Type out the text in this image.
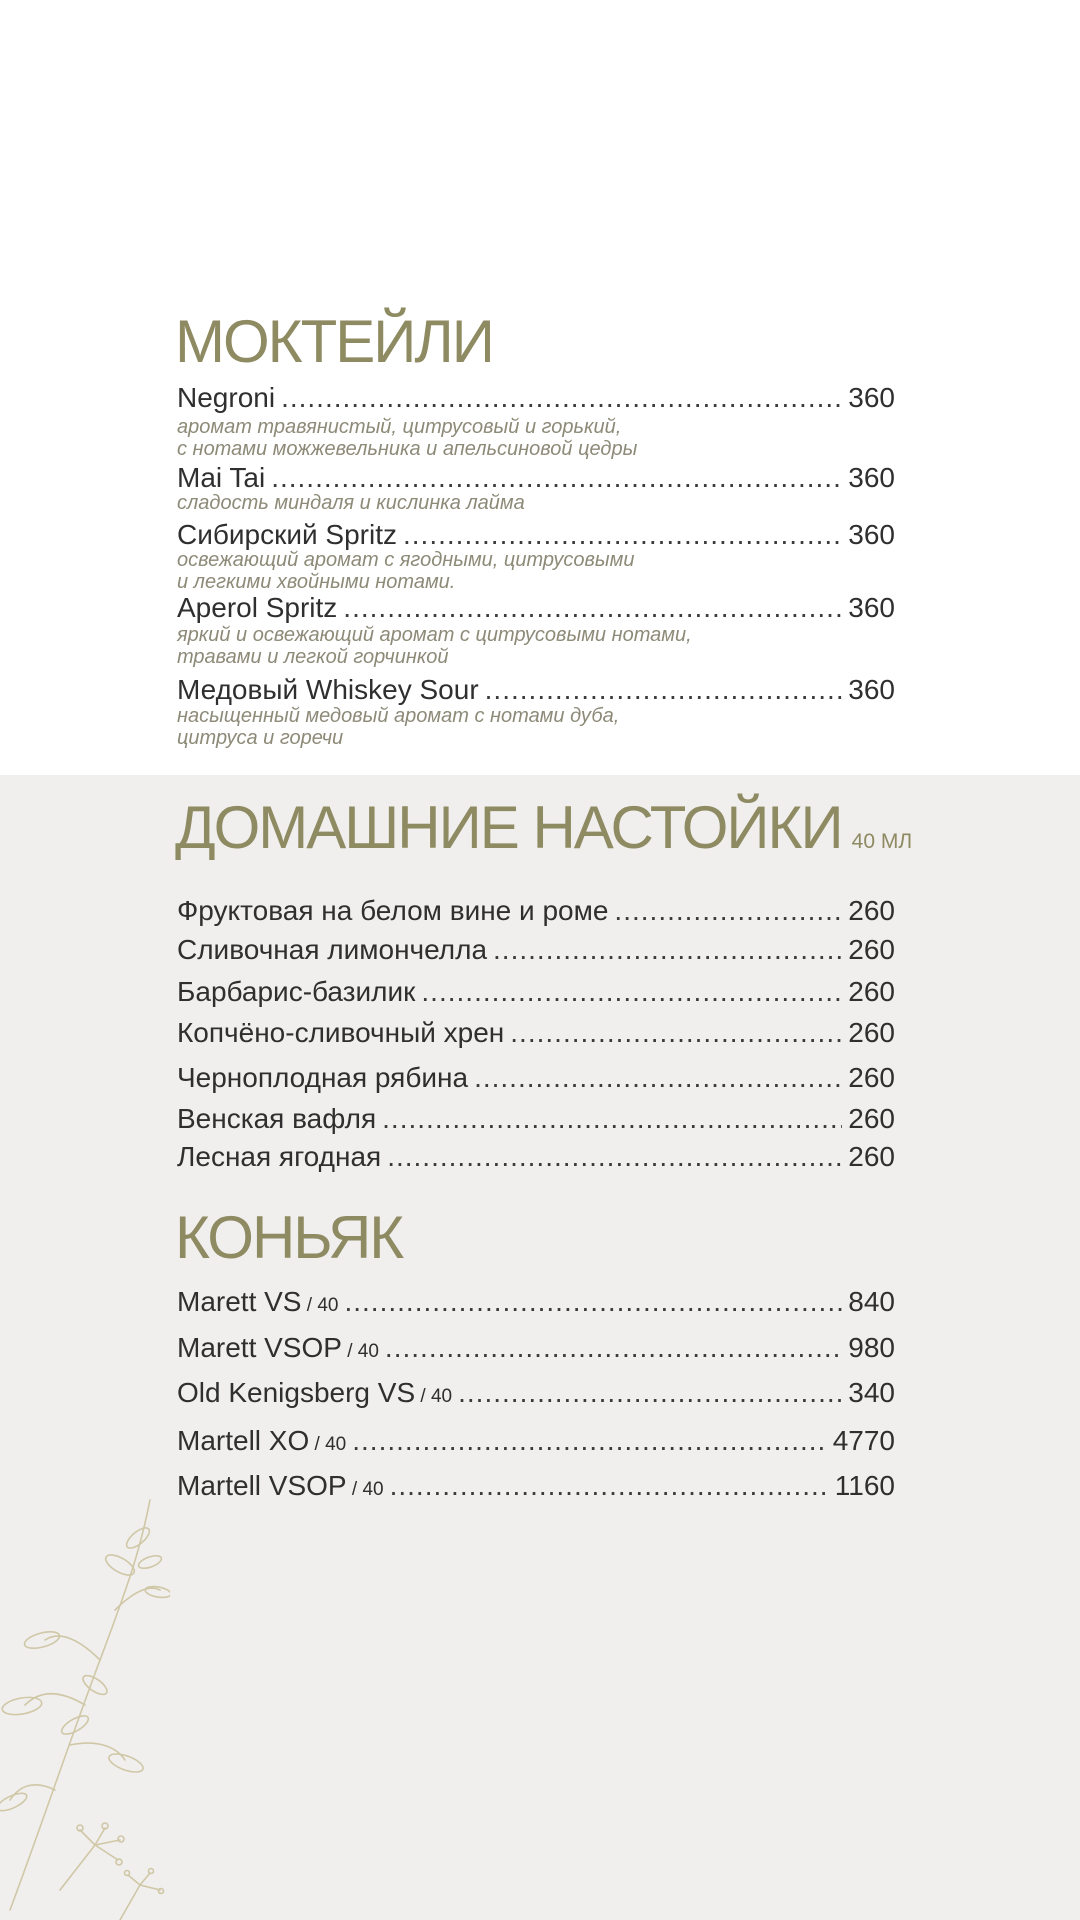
МОКТЕЙЛИ
Negroni .....	360

аромат травянистый, цитрусовый и горький,
с нотами можжевельника и апельсиновой цедры

Mai Tai .....	360

сладость миндаля и кислинка лайма

Сибирский Spritz .....	360

освежающий аромат с ягодными, цитрусовыми
и легкими хвойными нотами.

Aperol Spritz .....	360

яркий и освежающий аромат с цитрусовыми нотами,
травами и легкой горчинкой

Медовый Whiskey Sour .....	360

насыщенный медовый аромат с нотами дуба,
цитруса и горечи

ДОМАШНИЕ НАСТОЙКИ 40 МЛ
Фруктовая на белом вине и роме .....	260
Сливочная лимончелла .....	260
Барбарис-базилик .....	260
Копчёно-сливочный хрен .....	260
Черноплодная рябина .....	260
Венская вафля .....	260
Лесная ягодная .....	260
КОНЬЯК
Marett VS / 40 .....	840
Marett VSOP / 40 .....	980
Old Kenigsberg VS / 40 .....	340
Martell XO / 40 .....	4770
Martell VSOP / 40 .....	1160
